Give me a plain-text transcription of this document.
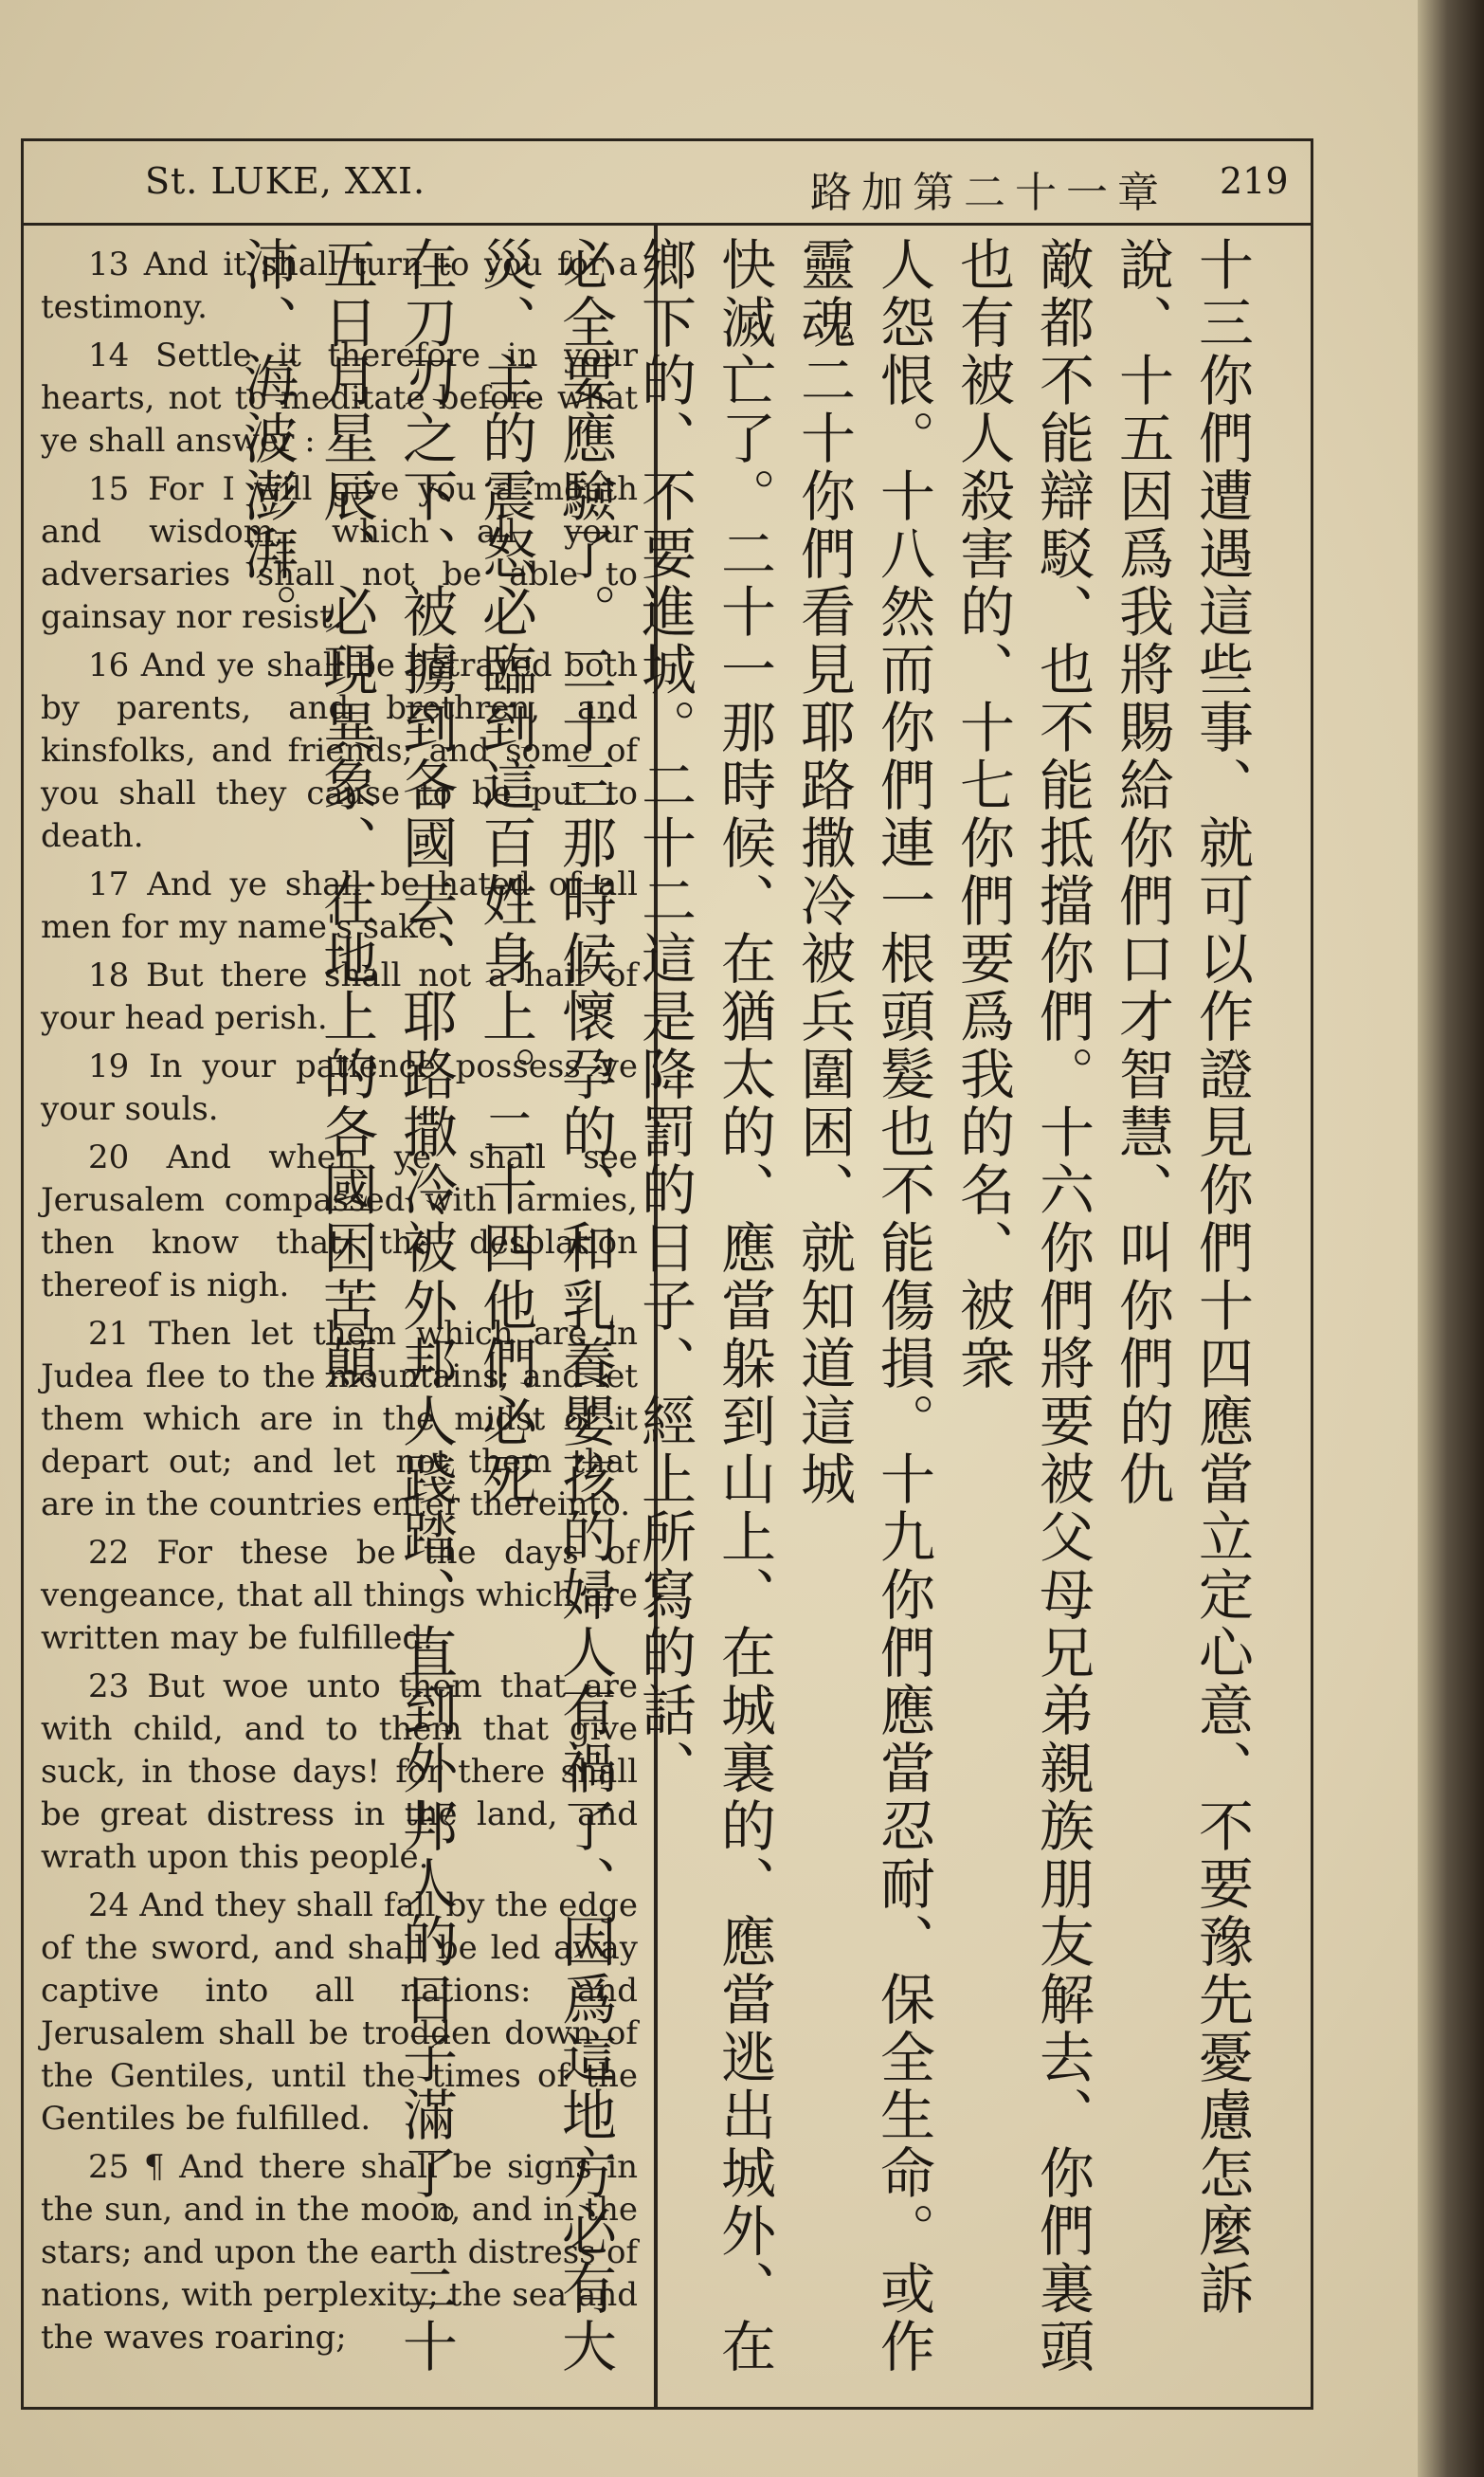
St. LUKE, XXI.	路加第二十一章 219

13 And it shall turn to you for a testimony.

14 Settle it therefore in your hearts, not to meditate before what ye shall answer :

15 For I will give you a mouth and wisdom, which all your adversaries shall not be able to gainsay nor resist.

16 And ye shall be betrayed both by parents, and brethren, and kinsfolks, and friends; and some of you shall they cause to be put to death.

17 And ye shall be hated of all men for my name's sake.

18 But there shall not a hair of your head perish.

19 In your patience possess ye your souls.

20 And when ye shall see Jerusalem compassed with armies, then know that the desolation thereof is nigh.

21 Then let them which are in Judea flee to the mountains; and let them which are in the midst of it depart out; and let not them that are in the countries enter thereinto.

22 For these be the days of vengeance, that all things which are written may be fulfilled.

23 But woe unto them that are with child, and to them that give suck, in those days! for there shall be great distress in the land, and wrath upon this people.

24 And they shall fall by the edge of the sword, and shall be led away captive into all nations: and Jerusalem shall be trodden down of the Gentiles, until the times of the Gentiles be fulfilled.

25 ¶ And there shall be signs in the sun, and in the moon, and in the stars; and upon the earth distress of nations, with perplexity; the sea and the waves roaring;

十三你們遭遇這些事、就可以作證見你們十四應當立定心意、不要豫先憂慮怎麼訴說、十五因爲我將賜給你們口才智慧、叫你們的仇

敵都不能辯駁、也不能抵擋你們。十六你們將要被父母兄弟親族朋友解去、你們裏頭也有被人殺害的、十七你們要爲我的名、被衆

人怨恨。十八然而你們連一根頭髮也不能傷損。十九你們應當忍耐、保全生命。或作靈魂二十你們看見耶路撒冷被兵圍困、就知道這城

快滅亡了。二十一那時候、在猶太的、應當躲到山上、在城裏的、應當逃出城外、在鄉下的、不要進城。二十二這是降罰的日子、經上所寫的話、

必全要應驗了。二十三那時候懷孕的、和乳養嬰孩的婦人有禍了、因爲這地方必有大災、主的震怒必臨到這百姓身上。二十四他們必死

在刀刃之下、被擄到各國去、耶路撒冷被外邦人踐踏、直到外邦人的日子滿了。二十五日月星辰、必現異象、在地上的各國困苦顛

沛、海波澎湃。
